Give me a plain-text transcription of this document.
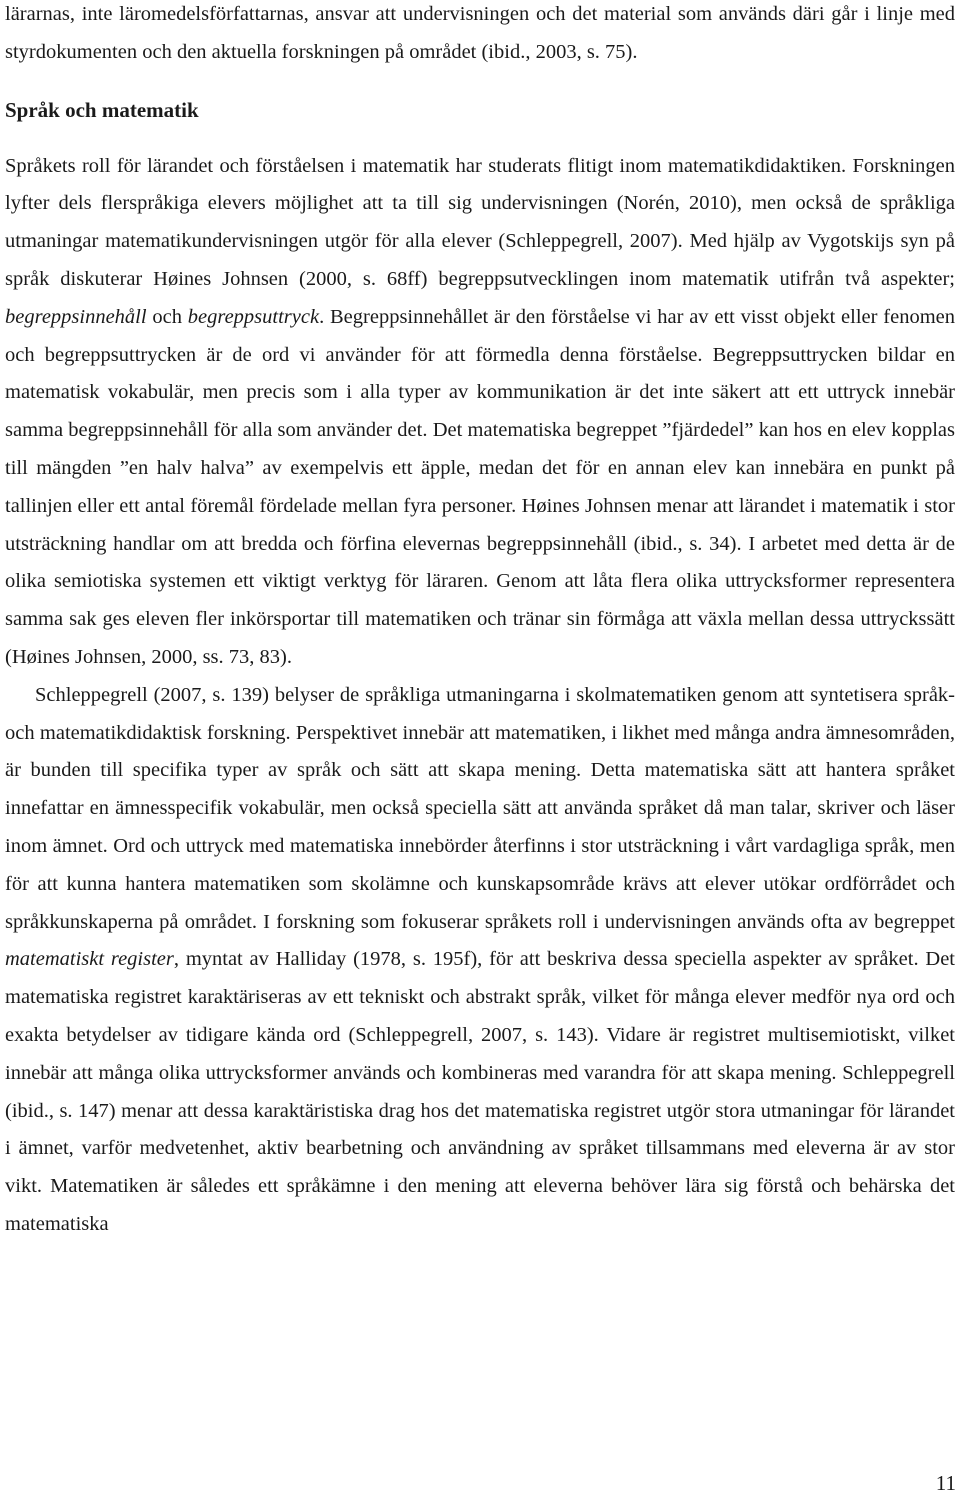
lärarnas, inte läromedelsförfattarnas, ansvar att undervisningen och det material som används däri går i linje med styrdokumenten och den aktuella forskningen på området (ibid., 2003, s. 75).

Språk och matematik

Språkets roll för lärandet och förståelsen i matematik har studerats flitigt inom matematikdidaktiken. Forskningen lyfter dels flerspråkiga elevers möjlighet att ta till sig undervisningen (Norén, 2010), men också de språkliga utmaningar matematikundervisningen utgör för alla elever (Schleppegrell, 2007). Med hjälp av Vygotskijs syn på språk diskuterar Høines Johnsen (2000, s. 68ff) begreppsutvecklingen inom matematik utifrån två aspekter; begreppsinnehåll och begreppsuttryck. Begreppsinnehållet är den förståelse vi har av ett visst objekt eller fenomen och begreppsuttrycken är de ord vi använder för att förmedla denna förståelse. Begreppsuttrycken bildar en matematisk vokabulär, men precis som i alla typer av kommunikation är det inte säkert att ett uttryck innebär samma begreppsinnehåll för alla som använder det. Det matematiska begreppet ”fjärdedel” kan hos en elev kopplas till mängden ”en halv halva” av exempelvis ett äpple, medan det för en annan elev kan innebära en punkt på tallinjen eller ett antal föremål fördelade mellan fyra personer. Høines Johnsen menar att lärandet i matematik i stor utsträckning handlar om att bredda och förfina elevernas begreppsinnehåll (ibid., s. 34). I arbetet med detta är de olika semiotiska systemen ett viktigt verktyg för läraren. Genom att låta flera olika uttrycksformer representera samma sak ges eleven fler inkörsportar till matematiken och tränar sin förmåga att växla mellan dessa uttryckssätt (Høines Johnsen, 2000, ss. 73, 83).

Schleppegrell (2007, s. 139) belyser de språkliga utmaningarna i skolmatematiken genom att syntetisera språk- och matematikdidaktisk forskning. Perspektivet innebär att matematiken, i likhet med många andra ämnesområden, är bunden till specifika typer av språk och sätt att skapa mening. Detta matematiska sätt att hantera språket innefattar en ämnesspecifik vokabulär, men också speciella sätt att använda språket då man talar, skriver och läser inom ämnet. Ord och uttryck med matematiska innebörder återfinns i stor utsträckning i vårt vardagliga språk, men för att kunna hantera matematiken som skolämne och kunskapsområde krävs att elever utökar ordförrådet och språkkunskaperna på området. I forskning som fokuserar språkets roll i undervisningen används ofta av begreppet matematiskt register, myntat av Halliday (1978, s. 195f), för att beskriva dessa speciella aspekter av språket. Det matematiska registret karaktäriseras av ett tekniskt och abstrakt språk, vilket för många elever medför nya ord och exakta betydelser av tidigare kända ord (Schleppegrell, 2007, s. 143). Vidare är registret multisemiotiskt, vilket innebär att många olika uttrycksformer används och kombineras med varandra för att skapa mening. Schleppegrell (ibid., s. 147) menar att dessa karaktäristiska drag hos det matematiska registret utgör stora utmaningar för lärandet i ämnet, varför medvetenhet, aktiv bearbetning och användning av språket tillsammans med eleverna är av stor vikt. Matematiken är således ett språkämne i den mening att eleverna behöver lära sig förstå och behärska det matematiska

11
